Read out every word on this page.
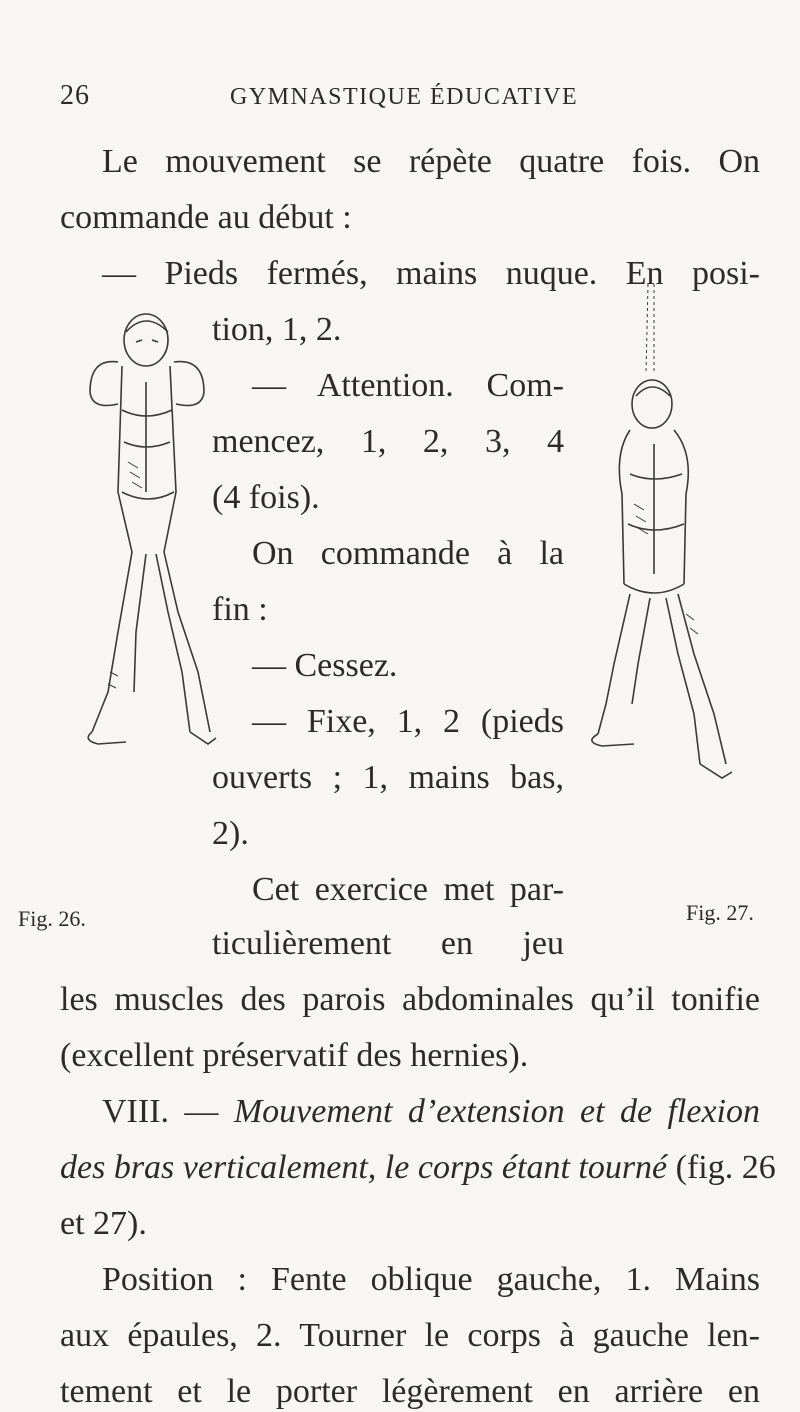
26	GYMNASTIQUE ÉDUCATIVE
Le mouvement se répète quatre fois. On
commande au début :
— Pieds fermés, mains nuque. En posi-
tion, 1, 2.
— Attention. Com-
mencez, 1, 2, 3, 4
(4 fois).
On commande à la
fin :
— Cessez.
— Fixe, 1, 2 (pieds
ouverts ; 1, mains bas,
2).
Cet exercice met par-
ticulièrement en jeu
les muscles des parois abdominales qu’il tonifie
(excellent préservatif des hernies).
VIII. — Mouvement d’extension et de flexion
des bras verticalement, le corps étant tourné (fig. 26
et 27).
Position : Fente oblique gauche, 1. Mains
aux épaules, 2. Tourner le corps à gauche len-
tement et le porter légèrement en arrière en
Fig. 26.	Fig. 27.
